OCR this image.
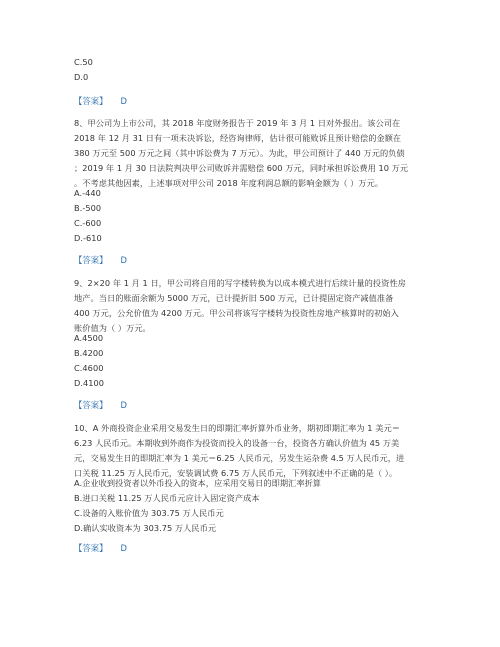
C.50
D.0
【答案】 D
8、甲公司为上市公司，其 2018 年度财务报告于 2019 年 3 月 1 日对外报出。该公司在
2018 年 12 月 31 日有一项未决诉讼，经咨询律师，估计很可能败诉且预计赔偿的金额在
380 万元至 500 万元之间（其中诉讼费为 7 万元）。为此，甲公司预计了 440 万元的负债
；2019 年 1 月 30 日法院判决甲公司败诉并需赔偿 600 万元，同时承担诉讼费用 10 万元
。不考虑其他因素，上述事项对甲公司 2018 年度利润总额的影响金额为（ ）万元。
A.-440
B.-500
C.-600
D.-610
【答案】 D
9、2×20 年 1 月 1 日，甲公司将自用的写字楼转换为以成本模式进行后续计量的投资性房
地产。当日的账面余额为 5000 万元，已计提折旧 500 万元，已计提固定资产减值准备
400 万元，公允价值为 4200 万元。甲公司将该写字楼转为投资性房地产核算时的初始入
账价值为（ ）万元。
A.4500
B.4200
C.4600
D.4100
【答案】 D
10、A 外商投资企业采用交易发生日的即期汇率折算外币业务，期初即期汇率为 1 美元＝
6.23 人民币元。本期收到外商作为投资而投入的设备一台，投资各方确认价值为 45 万美
元，交易发生日的即期汇率为 1 美元＝6.25 人民币元，另发生运杂费 4.5 万人民币元，进
口关税 11.25 万人民币元，安装调试费 6.75 万人民币元，下列叙述中不正确的是（ ）。
A.企业收到投资者以外币投入的资本，应采用交易日的即期汇率折算
B.进口关税 11.25 万人民币元应计入固定资产成本
C.设备的入账价值为 303.75 万人民币元
D.确认实收资本为 303.75 万人民币元
【答案】 D
